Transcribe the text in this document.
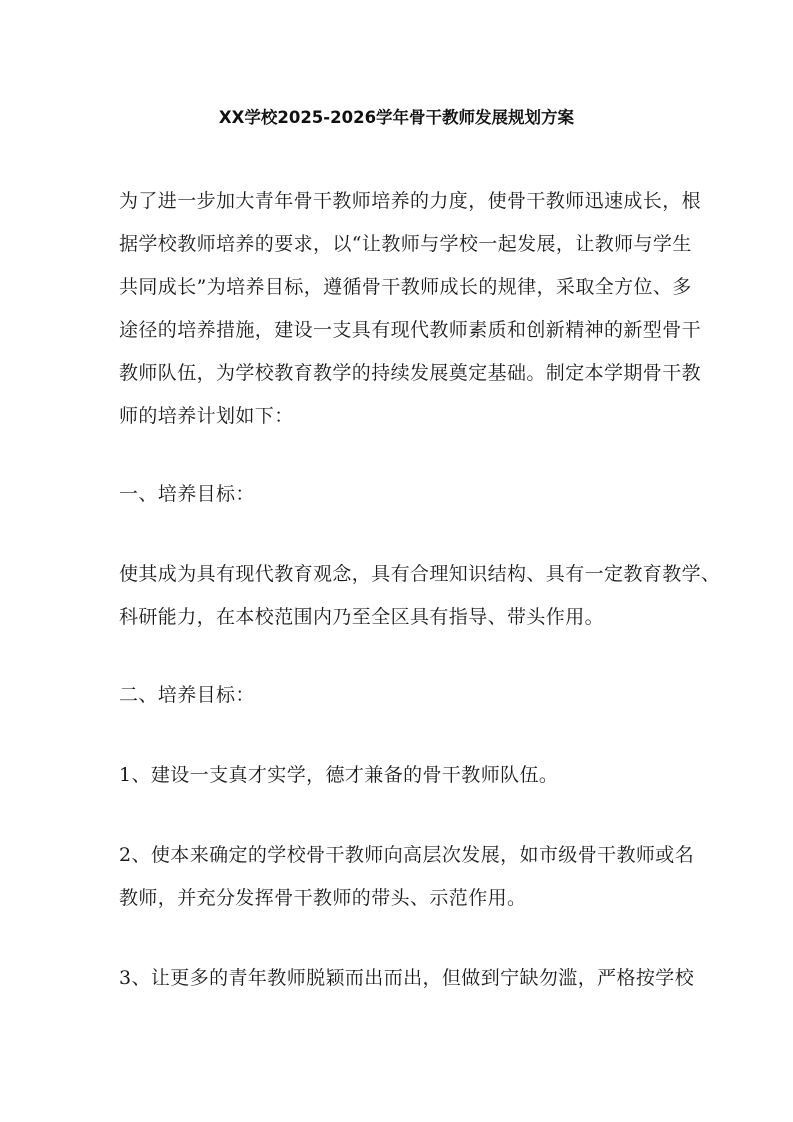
XX学校2025-2026学年骨干教师发展规划方案
为了进一步加大青年骨干教师培养的力度，使骨干教师迅速成长，根
据学校教师培养的要求，以“让教师与学校一起发展，让教师与学生
共同成长”为培养目标，遵循骨干教师成长的规律，采取全方位、多
途径的培养措施，建设一支具有现代教师素质和创新精神的新型骨干
教师队伍，为学校教育教学的持续发展奠定基础。制定本学期骨干教
师的培养计划如下：
一、培养目标：
使其成为具有现代教育观念，具有合理知识结构、具有一定教育教学、
科研能力，在本校范围内乃至全区具有指导、带头作用。
二、培养目标：
1、建设一支真才实学，德才兼备的骨干教师队伍。
2、使本来确定的学校骨干教师向高层次发展，如市级骨干教师或名
教师，并充分发挥骨干教师的带头、示范作用。
3、让更多的青年教师脱颖而出而出，但做到宁缺勿滥，严格按学校
